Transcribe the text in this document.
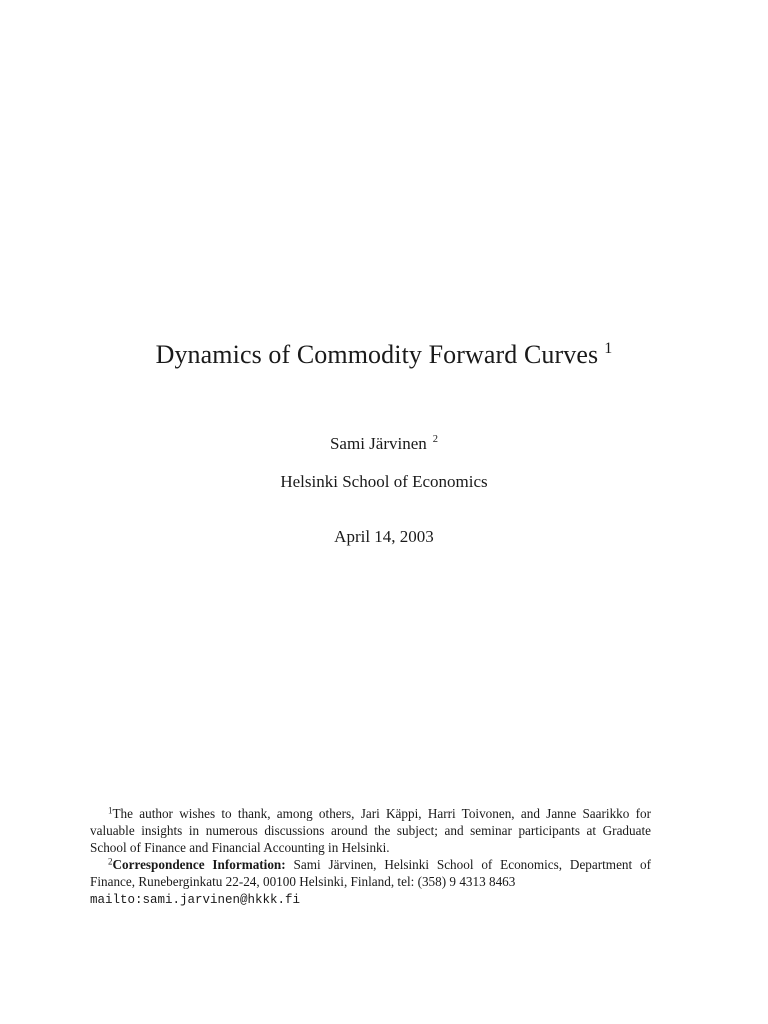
Dynamics of Commodity Forward Curves $^1$
Sami Järvinen $^2$
Helsinki School of Economics
April 14, 2003

$^1$The author wishes to thank, among others, Jari Käppi, Harri Toivonen, and Janne Saarikko for valuable insights in numerous discussions around the subject; and seminar participants at Graduate School of Finance and Financial Accounting in Helsinki.

$^2$Correspondence Information: Sami Järvinen, Helsinki School of Economics, Department of Finance, Runeberginkatu 22-24, 00100 Helsinki, Finland, tel: (358) 9 4313 8463

mailto:sami.jarvinen@hkkk.fi
